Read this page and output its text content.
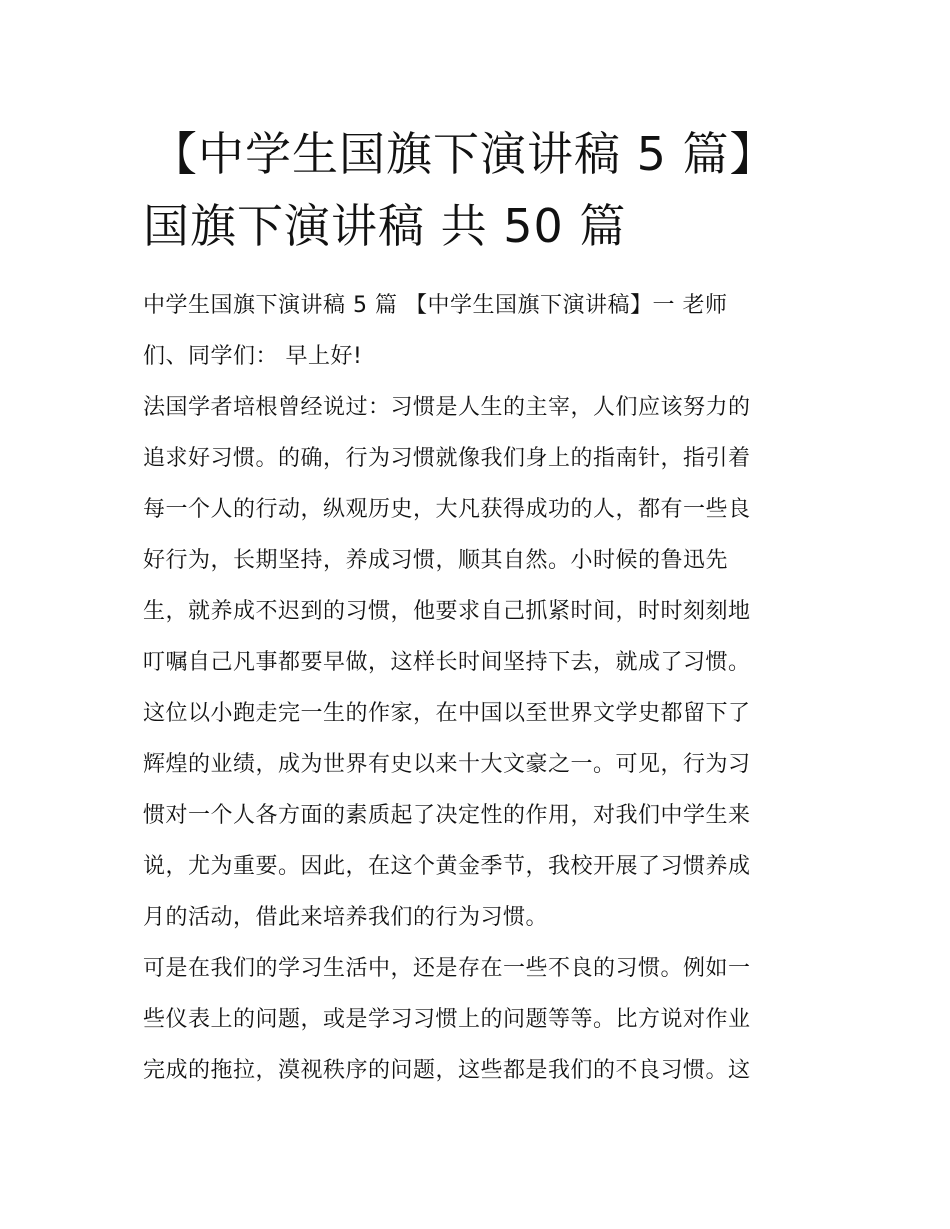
【中学生国旗下演讲稿 5 篇】
国旗下演讲稿 共 50 篇
中学生国旗下演讲稿 5 篇 【中学生国旗下演讲稿】一 老师
们、同学们： 早上好!
法国学者培根曾经说过：习惯是人生的主宰，人们应该努力的
追求好习惯。的确，行为习惯就像我们身上的指南针，指引着
每一个人的行动，纵观历史，大凡获得成功的人，都有一些良
好行为，长期坚持，养成习惯，顺其自然。小时候的鲁迅先
生，就养成不迟到的习惯，他要求自己抓紧时间，时时刻刻地
叮嘱自己凡事都要早做，这样长时间坚持下去，就成了习惯。
这位以小跑走完一生的作家，在中国以至世界文学史都留下了
辉煌的业绩，成为世界有史以来十大文豪之一。可见，行为习
惯对一个人各方面的素质起了决定性的作用，对我们中学生来
说，尤为重要。因此，在这个黄金季节，我校开展了习惯养成
月的活动，借此来培养我们的行为习惯。
可是在我们的学习生活中，还是存在一些不良的习惯。例如一
些仪表上的问题，或是学习习惯上的问题等等。比方说对作业
完成的拖拉，漠视秩序的问题，这些都是我们的不良习惯。这
